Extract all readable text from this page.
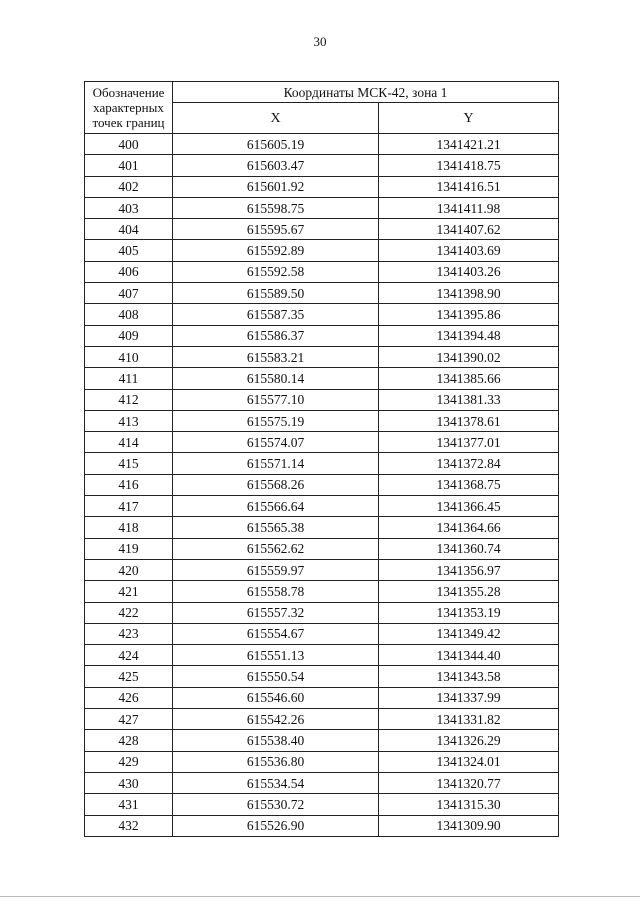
30
Обозначение характерных точек границ	Координаты МСК-42, зона 1	
	X	Y
400	615605.19	1341421.21
401	615603.47	1341418.75
402	615601.92	1341416.51
403	615598.75	1341411.98
404	615595.67	1341407.62
405	615592.89	1341403.69
406	615592.58	1341403.26
407	615589.50	1341398.90
408	615587.35	1341395.86
409	615586.37	1341394.48
410	615583.21	1341390.02
411	615580.14	1341385.66
412	615577.10	1341381.33
413	615575.19	1341378.61
414	615574.07	1341377.01
415	615571.14	1341372.84
416	615568.26	1341368.75
417	615566.64	1341366.45
418	615565.38	1341364.66
419	615562.62	1341360.74
420	615559.97	1341356.97
421	615558.78	1341355.28
422	615557.32	1341353.19
423	615554.67	1341349.42
424	615551.13	1341344.40
425	615550.54	1341343.58
426	615546.60	1341337.99
427	615542.26	1341331.82
428	615538.40	1341326.29
429	615536.80	1341324.01
430	615534.54	1341320.77
431	615530.72	1341315.30
432	615526.90	1341309.90
